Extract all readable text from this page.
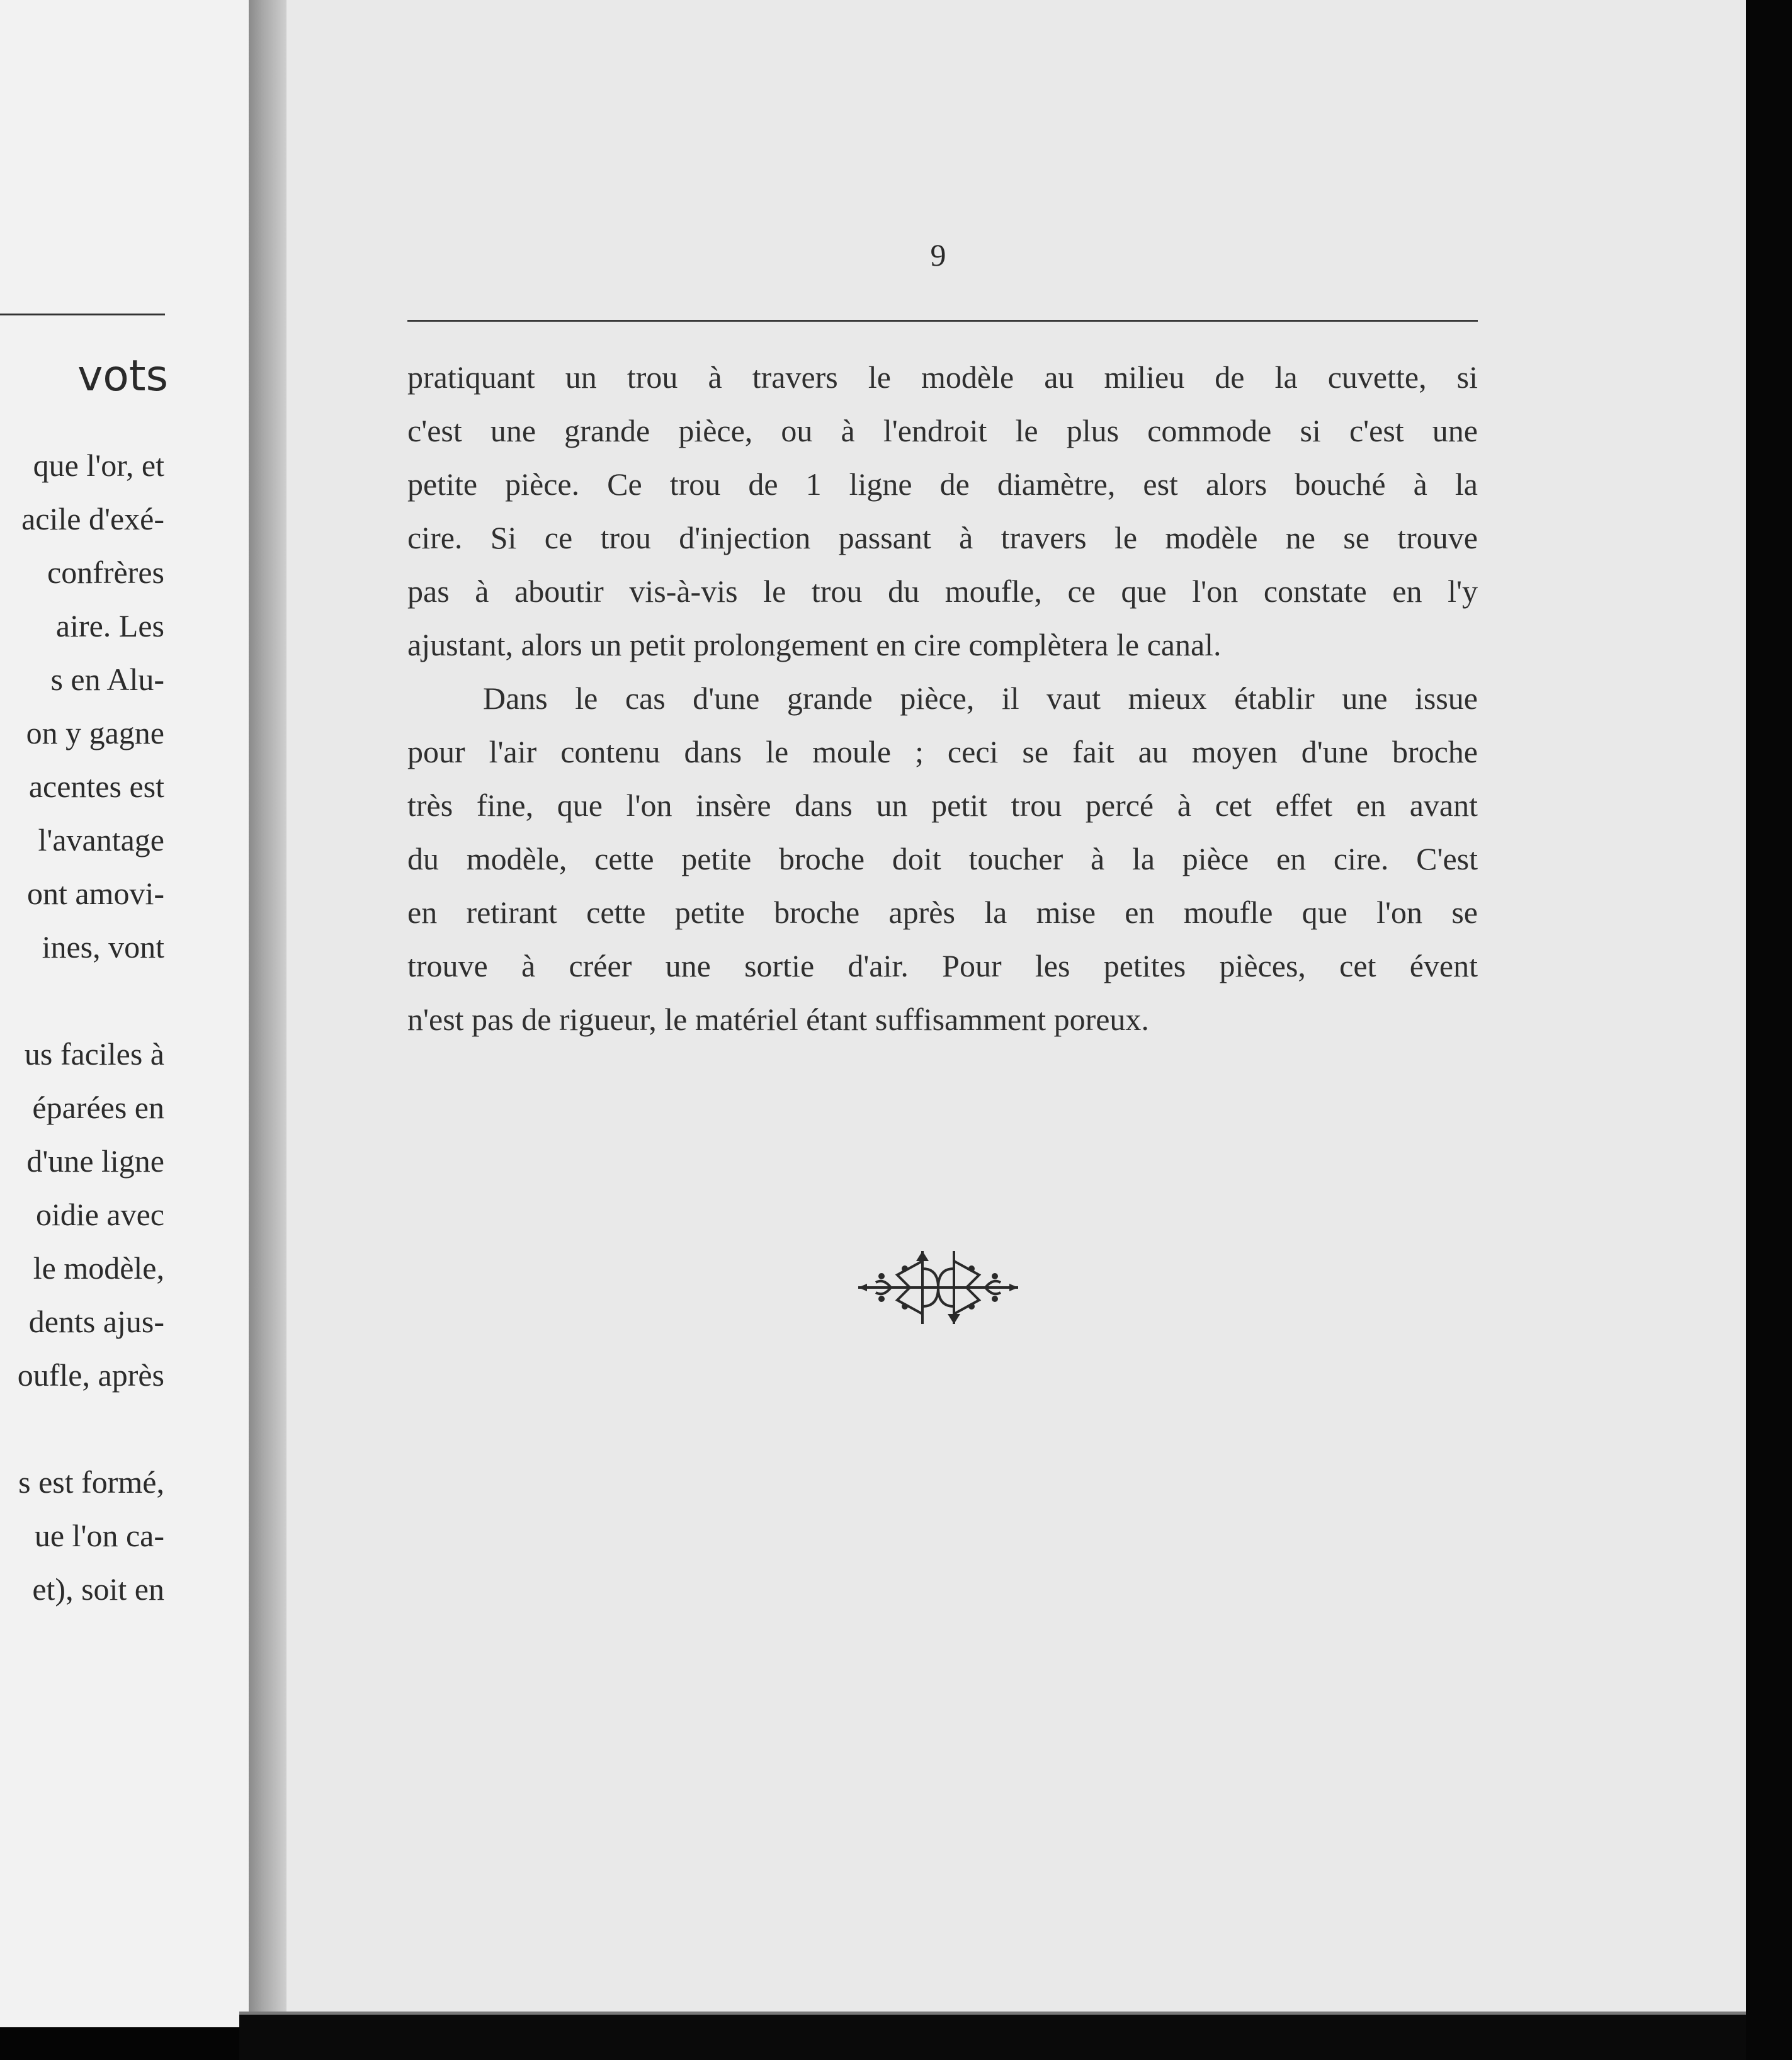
vots
que l'or, et
acile d'exé-
confrères
aire. Les
s en Alu-
on y gagne
acentes est
l'avantage
ont amovi-
ines, vont
us faciles à
éparées en
d'une ligne
oidie avec
le modèle,
dents ajus-
oufle, après
s est formé,
ue l'on ca-
et), soit en
9
pratiquant un trou à travers le modèle au milieu de la cuvette, si
c'est une grande pièce, ou à l'endroit le plus commode si c'est une
petite pièce. Ce trou de 1 ligne de diamètre, est alors bouché à la
cire. Si ce trou d'injection passant à travers le modèle ne se trouve
pas à aboutir vis-à-vis le trou du moufle, ce que l'on constate en l'y
ajustant, alors un petit prolongement en cire complètera le canal.
Dans le cas d'une grande pièce, il vaut mieux établir une issue
pour l'air contenu dans le moule ; ceci se fait au moyen d'une broche
très fine, que l'on insère dans un petit trou percé à cet effet en avant
du modèle, cette petite broche doit toucher à la pièce en cire. C'est
en retirant cette petite broche après la mise en moufle que l'on se
trouve à créer une sortie d'air. Pour les petites pièces, cet évent
n'est pas de rigueur, le matériel étant suffisamment poreux.
